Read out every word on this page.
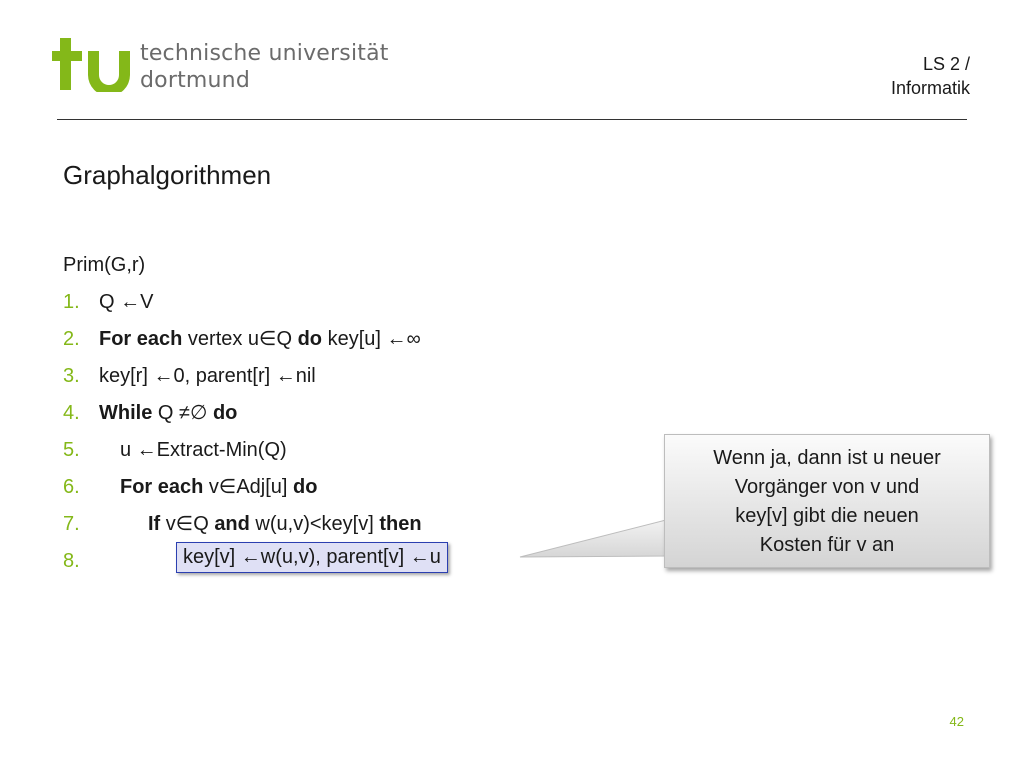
technische universität
dortmund
LS 2 /
Informatik
Graphalgorithmen
Prim(G,r)
1. Q ←V
2. For each vertex u∈Q do key[u] ←∞
3. key[r] ←0, parent[r] ←nil
4. While Q ≠∅ do
5. u ←Extract-Min(Q)
6. For each v∈Adj[u] do
7.	If v∈Q and w(u,v)<key[v] then
8.	key[v] ←w(u,v), parent[v] ←u
Wenn ja, dann ist u neuer
Vorgänger von v und
key[v] gibt die neuen
Kosten für v an
42
